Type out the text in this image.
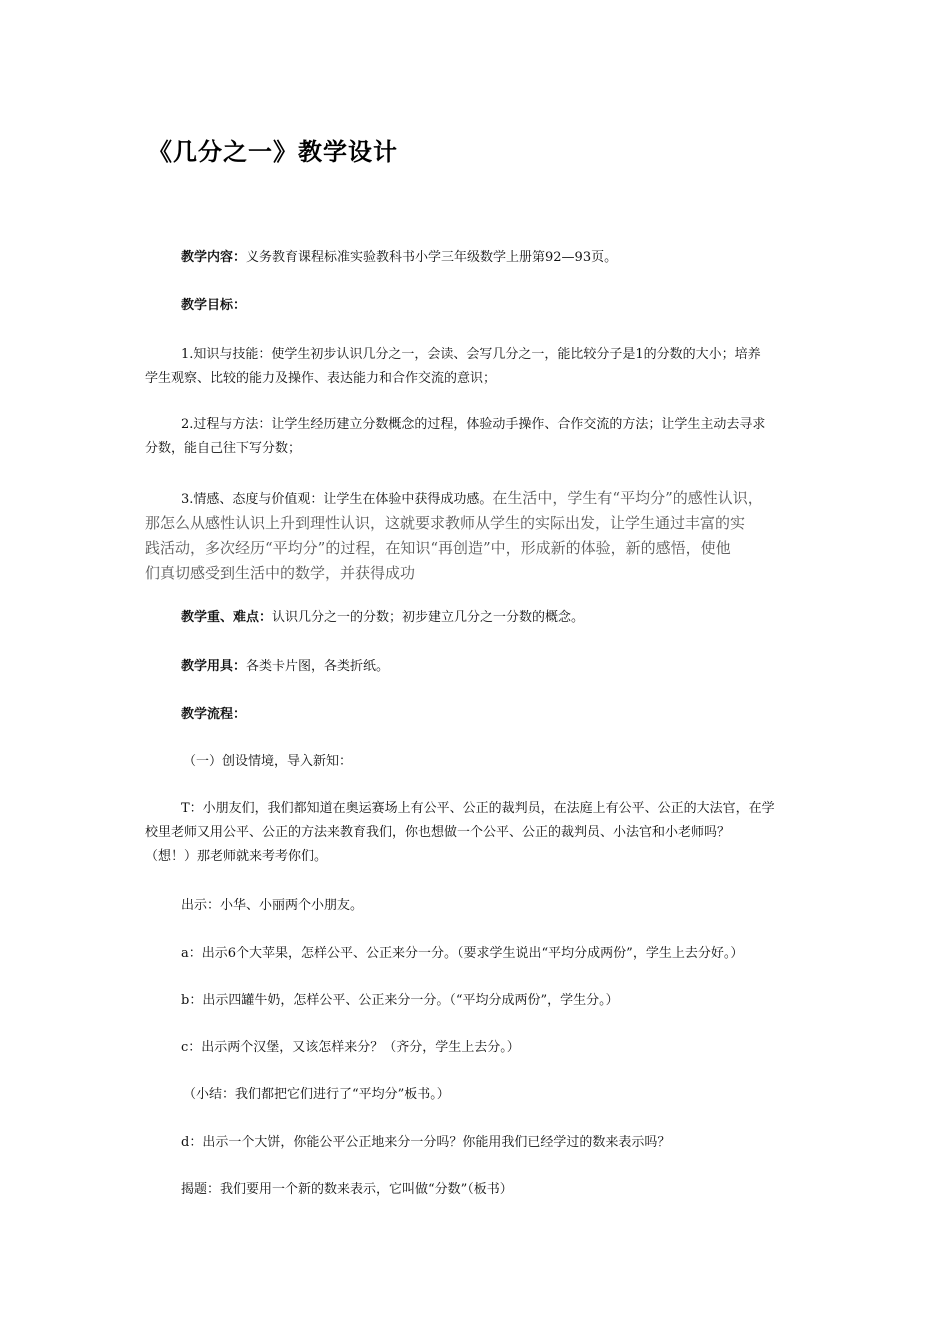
《几分之一》教学设计
教学内容：义务教育课程标准实验教科书小学三年级数学上册第92—93页。
教学目标：
1.知识与技能：使学生初步认识几分之一，会读、会写几分之一，能比较分子是1的分数的大小；培养
学生观察、比较的能力及操作、表达能力和合作交流的意识；
2.过程与方法：让学生经历建立分数概念的过程，体验动手操作、合作交流的方法；让学生主动去寻求
分数，能自己往下写分数；
3.情感、态度与价值观：让学生在体验中获得成功感。在生活中，学生有“平均分”的感性认识，
那怎么从感性认识上升到理性认识，这就要求教师从学生的实际出发，让学生通过丰富的实
践活动，多次经历“平均分”的过程，在知识“再创造”中，形成新的体验，新的感悟，使他
们真切感受到生活中的数学，并获得成功
教学重、难点：认识几分之一的分数；初步建立几分之一分数的概念。
教学用具：各类卡片图，各类折纸。
教学流程：
（一）创设情境，导入新知：
T：小朋友们，我们都知道在奥运赛场上有公平、公正的裁判员，在法庭上有公平、公正的大法官，在学
校里老师又用公平、公正的方法来教育我们，你也想做一个公平、公正的裁判员、小法官和小老师吗？
（想！）那老师就来考考你们。
出示：小华、小丽两个小朋友。
a：出示6个大苹果，怎样公平、公正来分一分。（要求学生说出“平均分成两份”，学生上去分好。）
b：出示四罐牛奶，怎样公平、公正来分一分。（“平均分成两份”，学生分。）
c：出示两个汉堡，又该怎样来分？（齐分，学生上去分。）
（小结：我们都把它们进行了“平均分”板书。）
d：出示一个大饼，你能公平公正地来分一分吗？你能用我们已经学过的数来表示吗？
揭题：我们要用一个新的数来表示，它叫做“分数”（板书）
